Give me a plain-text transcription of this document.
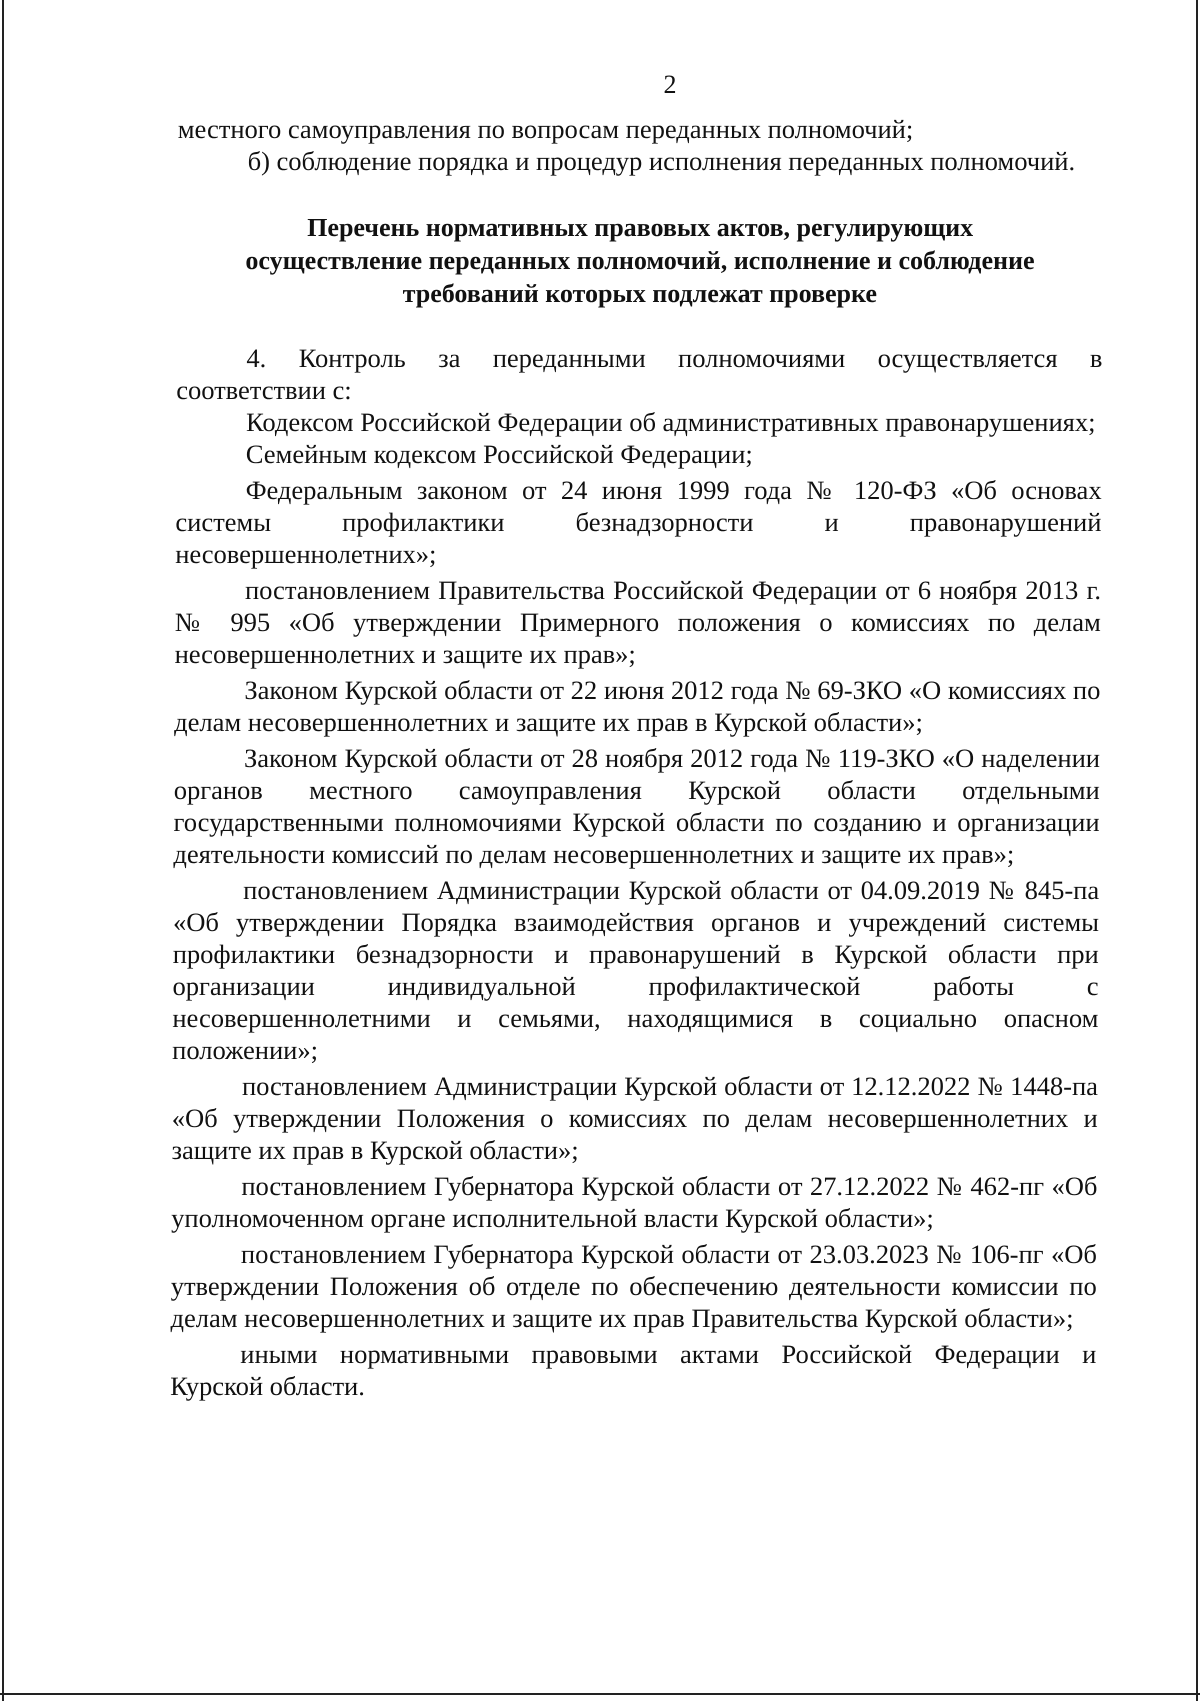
2

местного самоуправления по вопросам переданных полномочий;

б) соблюдение порядка и процедур исполнения переданных полномочий.

Перечень нормативных правовых актов, регулирующих
осуществление переданных полномочий, исполнение и соблюдение
требований которых подлежат проверке

4. Контроль за переданными полномочиями осуществляется в соответствии с:

Кодексом Российской Федерации об административных правонарушениях;

Семейным кодексом Российской Федерации;

Федеральным законом от 24 июня 1999 года № 120-ФЗ «Об основах системы профилактики безнадзорности и правонарушений несовершеннолетних»;

постановлением Правительства Российской Федерации от 6 ноября 2013 г. № 995 «Об утверждении Примерного положения о комиссиях по делам несовершеннолетних и защите их прав»;

Законом Курской области от 22 июня 2012 года № 69-ЗКО «О комиссиях по делам несовершеннолетних и защите их прав в Курской области»;

Законом Курской области от 28 ноября 2012 года № 119-ЗКО «О наделении органов местного самоуправления Курской области отдельными государственными полномочиями Курской области по созданию и организации деятельности комиссий по делам несовершеннолетних и защите их прав»;

постановлением Администрации Курской области от 04.09.2019 № 845-па «Об утверждении Порядка взаимодействия органов и учреждений системы профилактики безнадзорности и правонарушений в Курской области при организации индивидуальной профилактической работы с несовершеннолетними и семьями, находящимися в социально опасном положении»;

постановлением Администрации Курской области от 12.12.2022 № 1448-па «Об утверждении Положения о комиссиях по делам несовершеннолетних и защите их прав в Курской области»;

постановлением Губернатора Курской области от 27.12.2022 № 462-пг «Об уполномоченном органе исполнительной власти Курской области»;

постановлением Губернатора Курской области от 23.03.2023 № 106-пг «Об утверждении Положения об отделе по обеспечению деятельности комиссии по делам несовершеннолетних и защите их прав Правительства Курской области»;

иными нормативными правовыми актами Российской Федерации и Курской области.
